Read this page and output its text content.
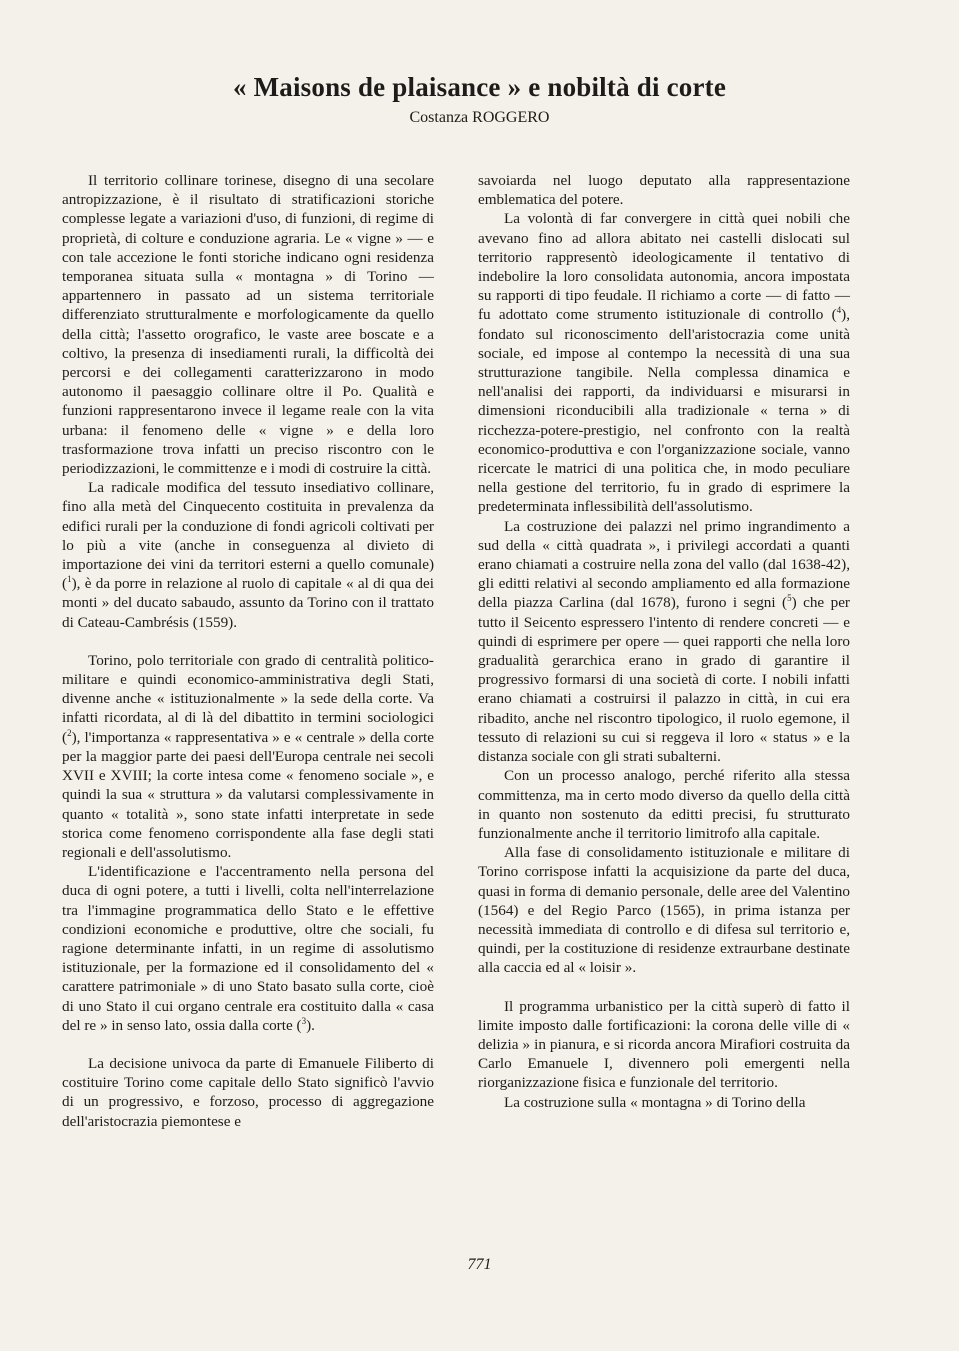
« Maisons de plaisance » e nobiltà di corte
Costanza ROGGERO

Il territorio collinare torinese, disegno di una secolare antropizzazione, è il risultato di stratificazioni storiche complesse legate a variazioni d'uso, di funzioni, di regime di proprietà, di colture e conduzione agraria. Le « vigne » — e con tale accezione le fonti storiche indicano ogni residenza temporanea situata sulla « montagna » di Torino — appartennero in passato ad un sistema territoriale differenziato strutturalmente e morfologicamente da quello della città; l'assetto orografico, le vaste aree boscate e a coltivo, la presenza di insediamenti rurali, la difficoltà dei percorsi e dei collegamenti caratterizzarono in modo autonomo il paesaggio collinare oltre il Po. Qualità e funzioni rappresentarono invece il legame reale con la vita urbana: il fenomeno delle « vigne » e della loro trasformazione trova infatti un preciso riscontro con le periodizzazioni, le committenze e i modi di costruire la città.

La radicale modifica del tessuto insediativo collinare, fino alla metà del Cinquecento costituita in prevalenza da edifici rurali per la conduzione di fondi agricoli coltivati per lo più a vite (anche in conseguenza al divieto di importazione dei vini da territori esterni a quello comunale) ($^1$), è da porre in relazione al ruolo di capitale « al di qua dei monti » del ducato sabaudo, assunto da Torino con il trattato di Cateau-Cambrésis (1559).

Torino, polo territoriale con grado di centralità politico-militare e quindi economico-amministrativa degli Stati, divenne anche « istituzionalmente » la sede della corte. Va infatti ricordata, al di là del dibattito in termini sociologici ($^2$), l'importanza « rappresentativa » e « centrale » della corte per la maggior parte dei paesi dell'Europa centrale nei secoli XVII e XVIII; la corte intesa come « fenomeno sociale », e quindi la sua « struttura » da valutarsi complessivamente in quanto « totalità », sono state infatti interpretate in sede storica come fenomeno corrispondente alla fase degli stati regionali e dell'assolutismo.

L'identificazione e l'accentramento nella persona del duca di ogni potere, a tutti i livelli, colta nell'interrelazione tra l'immagine programmatica dello Stato e le effettive condizioni economiche e produttive, oltre che sociali, fu ragione determinante infatti, in un regime di assolutismo istituzionale, per la formazione ed il consolidamento del « carattere patrimoniale » di uno Stato basato sulla corte, cioè di uno Stato il cui organo centrale era costituito dalla « casa del re » in senso lato, ossia dalla corte ($^3$).

La decisione univoca da parte di Emanuele Filiberto di costituire Torino come capitale dello Stato significò l'avvio di un progressivo, e forzoso, processo di aggregazione dell'aristocrazia piemontese e

savoiarda nel luogo deputato alla rappresentazione emblematica del potere.

La volontà di far convergere in città quei nobili che avevano fino ad allora abitato nei castelli dislocati sul territorio rappresentò ideologicamente il tentativo di indebolire la loro consolidata autonomia, ancora impostata su rapporti di tipo feudale. Il richiamo a corte — di fatto — fu adottato come strumento istituzionale di controllo ($^4$), fondato sul riconoscimento dell'aristocrazia come unità sociale, ed impose al contempo la necessità di una sua strutturazione tangibile. Nella complessa dinamica e nell'analisi dei rapporti, da individuarsi e misurarsi in dimensioni riconducibili alla tradizionale « terna » di ricchezza-potere-prestigio, nel confronto con la realtà economico-produttiva e con l'organizzazione sociale, vanno ricercate le matrici di una politica che, in modo peculiare nella gestione del territorio, fu in grado di esprimere la predeterminata inflessibilità dell'assolutismo.

La costruzione dei palazzi nel primo ingrandimento a sud della « città quadrata », i privilegi accordati a quanti erano chiamati a costruire nella zona del vallo (dal 1638-42), gli editti relativi al secondo ampliamento ed alla formazione della piazza Carlina (dal 1678), furono i segni ($^5$) che per tutto il Seicento espressero l'intento di rendere concreti — e quindi di esprimere per opere — quei rapporti che nella loro gradualità gerarchica erano in grado di garantire il progressivo formarsi di una società di corte. I nobili infatti erano chiamati a costruirsi il palazzo in città, in cui era ribadito, anche nel riscontro tipologico, il ruolo egemone, il tessuto di relazioni su cui si reggeva il loro « status » e la distanza sociale con gli strati subalterni.

Con un processo analogo, perché riferito alla stessa committenza, ma in certo modo diverso da quello della città in quanto non sostenuto da editti precisi, fu strutturato funzionalmente anche il territorio limitrofo alla capitale.

Alla fase di consolidamento istituzionale e militare di Torino corrispose infatti la acquisizione da parte del duca, quasi in forma di demanio personale, delle aree del Valentino (1564) e del Regio Parco (1565), in prima istanza per necessità immediata di controllo e di difesa sul territorio e, quindi, per la costituzione di residenze extraurbane destinate alla caccia ed al « loisir ».

Il programma urbanistico per la città superò di fatto il limite imposto dalle fortificazioni: la corona delle ville di « delizia » in pianura, e si ricorda ancora Mirafiori costruita da Carlo Emanuele I, divennero poli emergenti nella riorganizzazione fisica e funzionale del territorio.

La costruzione sulla « montagna » di Torino della

771
